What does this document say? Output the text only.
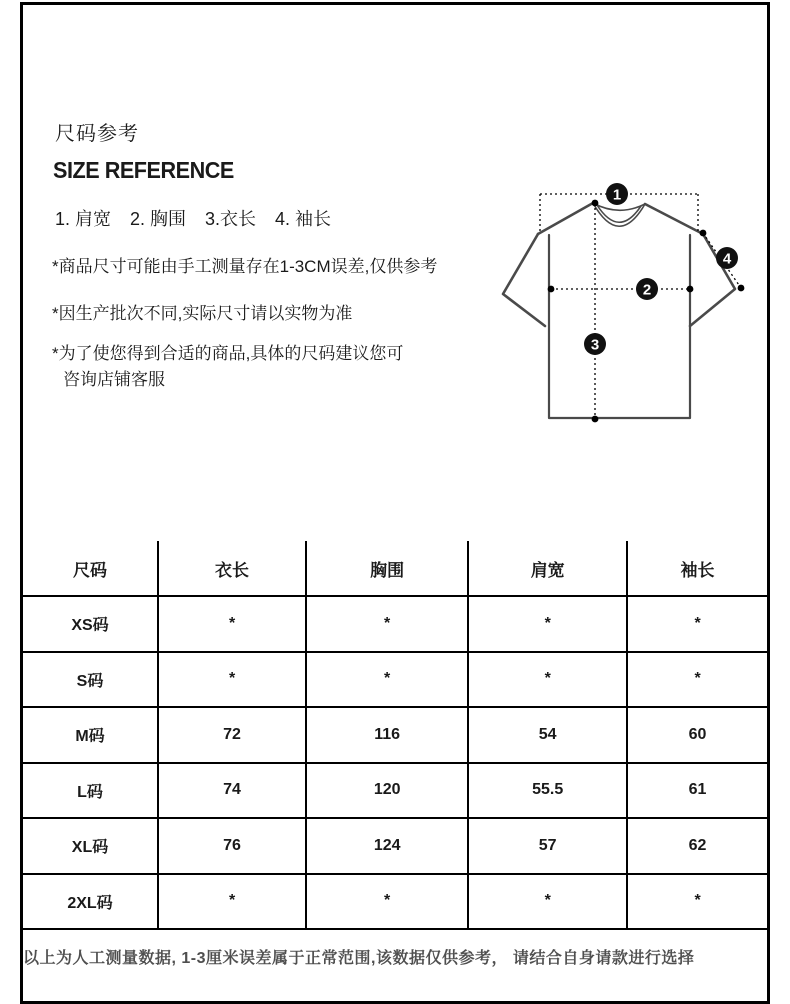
尺码参考
SIZE REFERENCE
1. 肩宽 2. 胸围 3.衣长 4. 袖长
*商品尺寸可能由手工测量存在1-3CM误差,仅供参考
*因生产批次不同,实际尺寸请以实物为准
*为了使您得到合适的商品,具体的尺码建议您可
咨询店铺客服
1
2
3
4
尺码	衣长	胸围	肩宽	袖长
XS码	*	*	*	*
S码	*	*	*	*
M码	72	116	54	60
L码	74	120	55.5	61
XL码	76	124	57	62
2XL码	*	*	*	*
以上为人工测量数据, 1-3厘米误差属于正常范围,该数据仅供参考， 请结合自身请款进行选择				
